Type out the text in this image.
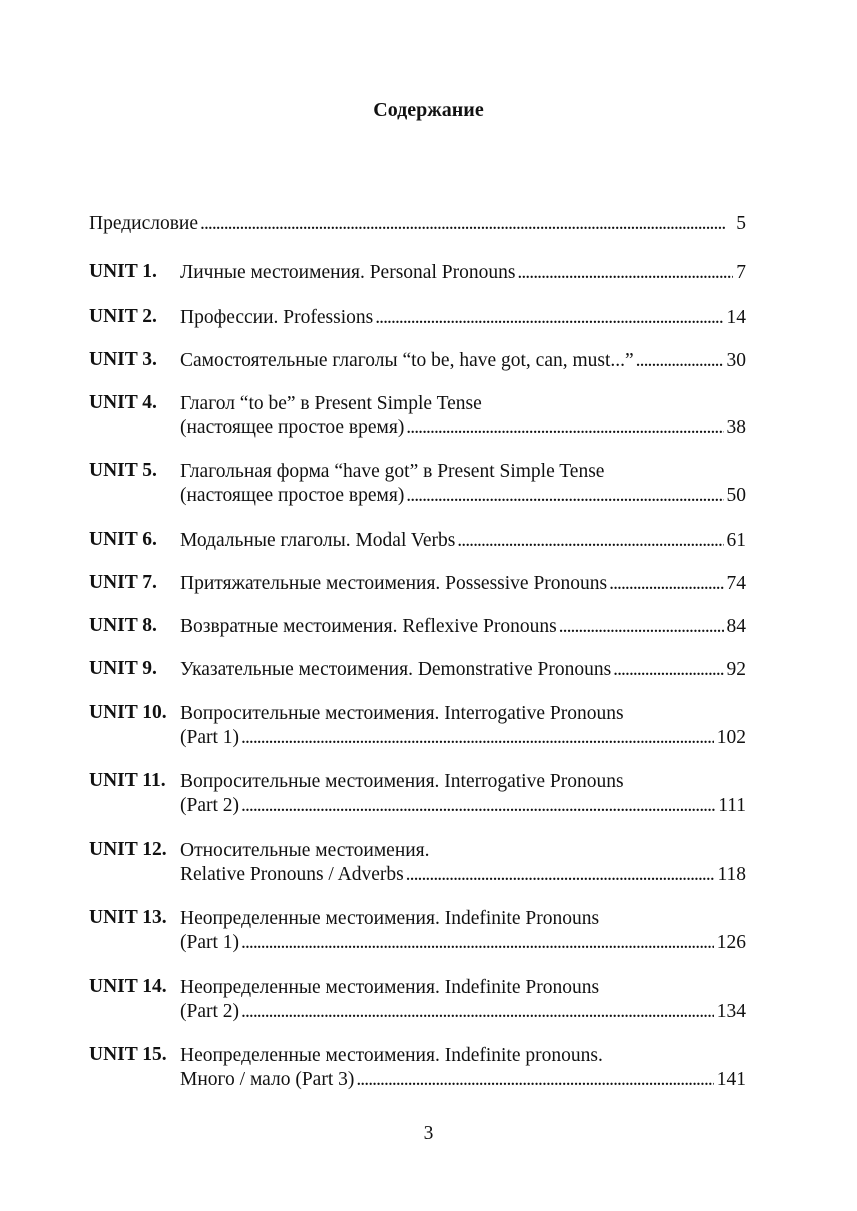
Содержание
Предисловие . . .	5
UNIT 1. Личные местоимения. Personal Pronouns . . .	7
UNIT 2. Профессии. Professions . . .	14
UNIT 3. Самостоятельные глаголы “to be, have got, can, must...” . . .	30
UNIT 4. Глагол “to be” в Present Simple Tense
(настоящее простое время) . . .	38
UNIT 5. Глагольная форма “have got” в Present Simple Tense
(настоящее простое время) . . .	50
UNIT 6. Модальные глаголы. Modal Verbs . . .	61
UNIT 7. Притяжательные местоимения. Possessive Pronouns . . .	74
UNIT 8. Возвратные местоимения. Reflexive Pronouns . . .	84
UNIT 9. Указательные местоимения. Demonstrative Pronouns . . .	92
UNIT 10. Вопросительные местоимения. Interrogative Pronouns
(Part 1) . . .	102
UNIT 11. Вопросительные местоимения. Interrogative Pronouns
(Part 2) . . .	111
UNIT 12. Относительные местоимения.
Relative Pronouns / Adverbs . . .	118
UNIT 13. Неопределенные местоимения. Indefinite Pronouns
(Part 1) . . .	126
UNIT 14. Неопределенные местоимения. Indefinite Pronouns
(Part 2) . . .	134
UNIT 15. Неопределенные местоимения. Indefinite pronouns.
Много / мало (Part 3) . . .	141

3
